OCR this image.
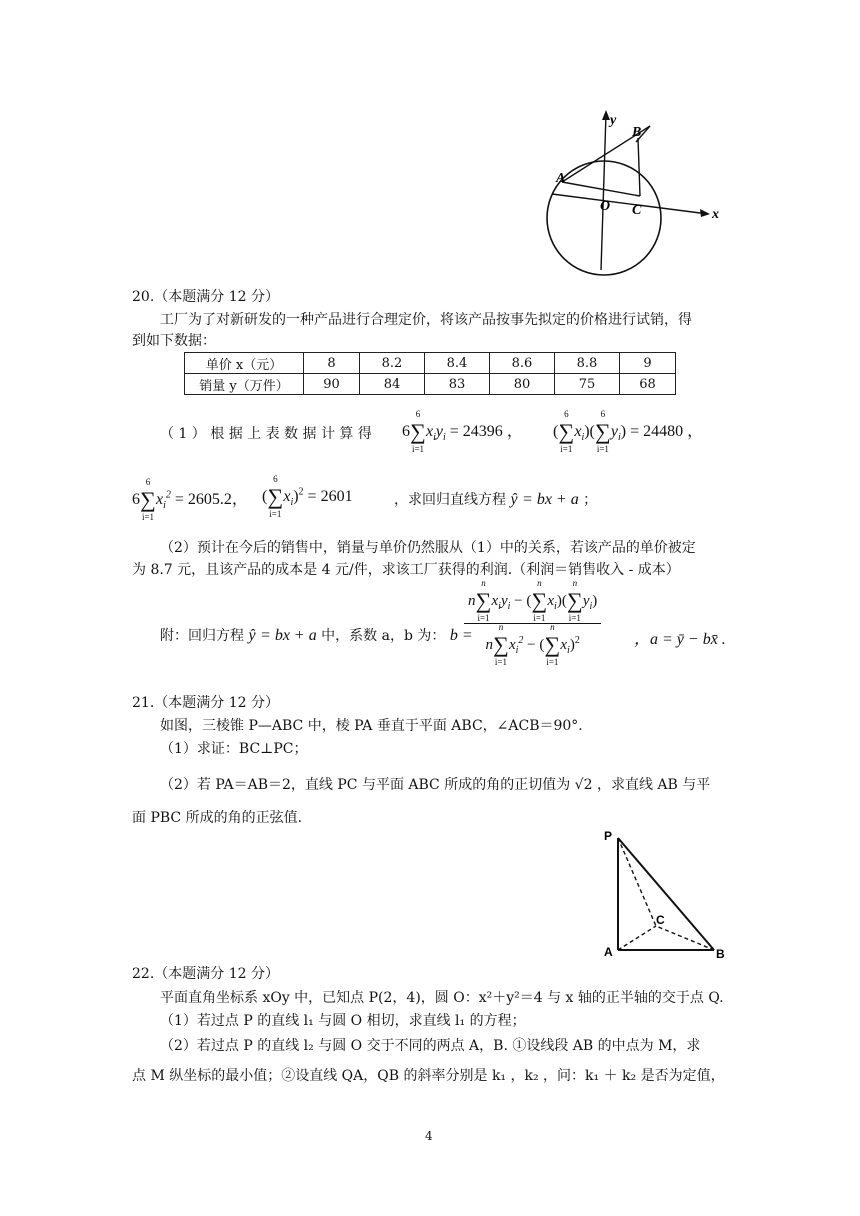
y
x
A
B
O C
20.（本题满分 12 分）
工厂为了对新研发的一种产品进行合理定价，将该产品按事先拟定的价格进行试销，得
到如下数据：
单价 x（元）	8	8.2	8.4	8.6	8.8	9
销量 y（万件）	90	84	83	80	75	68
（ 1 ） 根 据 上 表 数 据 计 算 得 6
6
∑
i=1
$x_iy_i = 24396$ ， (
6
∑
i=1
$x_i$)(
6
∑
i=1
$y_i) = 24480$ ，
6
6
∑
i=1
$x_i^2 = 2605.2$， (
6
∑
i=1
$x_i)^2 = 2601$	，求回归直线方程 ŷ = bx + a ；
（2）预计在今后的销售中，销量与单价仍然服从（1）中的关系，若该产品的单价被定
为 8.7 元，且该产品的成本是 4 元/件，求该工厂获得的利润.（利润＝销售收入 - 成本）
附：回归方程 ŷ = bx + a 中，系数 a，b 为： b =
n
n
∑
i=1
$x_iy_i$ − (
n
∑
i=1
$x_i$)(
n
∑
i=1
$y_i$)
n
n
∑
i=1
$x_i^2$ − (
n
∑
i=1
$x_i)^2$ ，a = ȳ − bx̄ .
21.（本题满分 12 分）
如图，三棱锥 P—ABC 中，棱 PA 垂直于平面 ABC，∠ACB＝90°.
（1）求证：BC⊥PC；
（2）若 PA＝AB＝2，直线 PC 与平面 ABC 所成的角的正切值为 √2 ，求直线 AB 与平
面 PBC 所成的角的正弦值.
P
A	B
C
22.（本题满分 12 分）
平面直角坐标系 xOy 中，已知点 P(2，4)，圆 O：x²＋y²＝4 与 x 轴的正半轴的交于点 Q.
（1）若过点 P 的直线 l₁ 与圆 O 相切，求直线 l₁ 的方程；
（2）若过点 P 的直线 l₂ 与圆 O 交于不同的两点 A，B. ①设线段 AB 的中点为 M，求
点 M 纵坐标的最小值；②设直线 QA，QB 的斜率分别是 k₁ ，k₂ ，问：k₁ ＋ k₂ 是否为定值，
4
